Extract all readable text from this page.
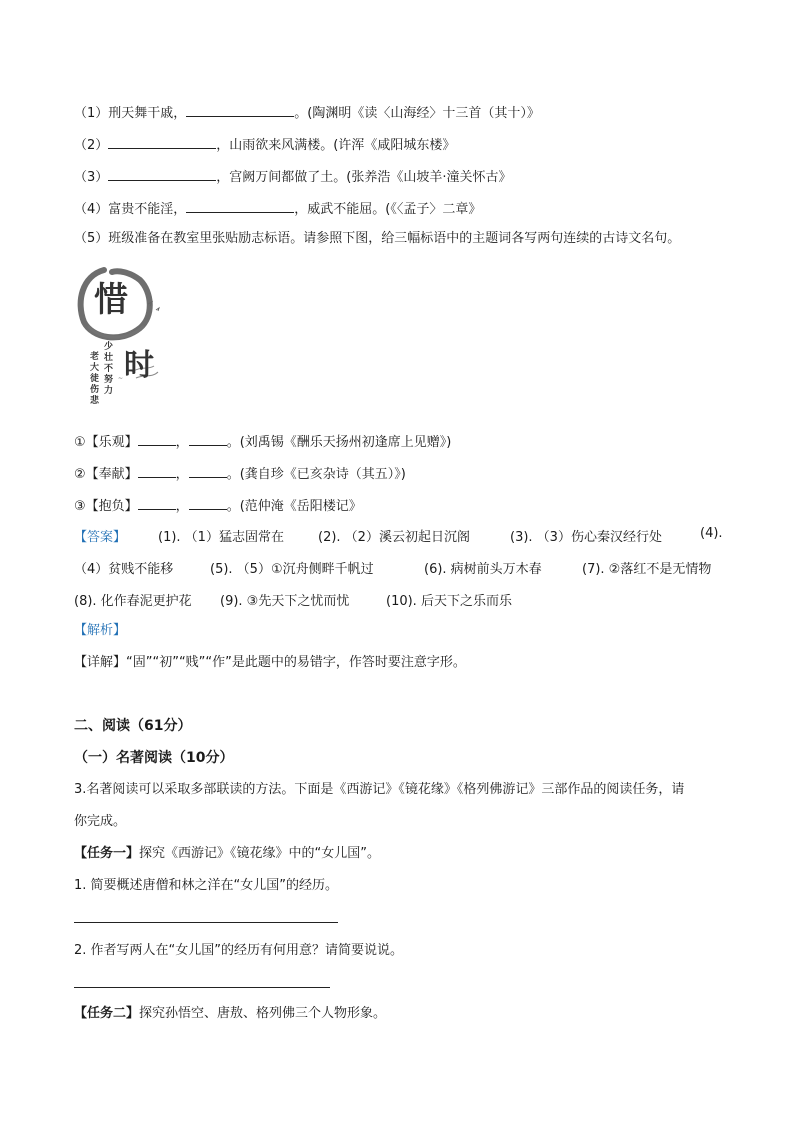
（1）刑天舞干戚，	。(陶渊明《读〈山海经〉十三首（其十）》
（2）	，山雨欲来风满楼。(许浑《咸阳城东楼》
（3）	，宫阙万间都做了土。(张养浩《山坡羊·潼关怀古》
（4）富贵不能淫，	，威武不能屈。(《〈孟子〉二章》
（5）班级准备在教室里张贴励志标语。请参照下图，给三幅标语中的主题词各写两句连续的古诗文名句。
~
惜
时
少壮不努力
老大徒伤悲
①【乐观】	，	。(刘禹锡《酬乐天扬州初逢席上见赠》)
②【奉献】	，	。(龚自珍《已亥杂诗（其五）》)
③【抱负】	，	。(范仲淹《岳阳楼记》
【答案】 (1). （1）猛志固常在	(2). （2）溪云初起日沉阁	(3). （3）伤心秦汉经行处	(4).
（4）贫贱不能移	(5). （5）①沉舟侧畔千帆过	(6). 病树前头万木春	(7). ②落红不是无情物
(8). 化作春泥更护花 (9). ③先天下之忧而忧	(10). 后天下之乐而乐
【解析】
【详解】“固”“初”“贱”“作”是此题中的易错字，作答时要注意字形。
二、阅读（61分）
（一）名著阅读（10分）
3.名著阅读可以采取多部联读的方法。下面是《西游记》《镜花缘》《格列佛游记》三部作品的阅读任务，请
你完成。
【任务一】探究《西游记》《镜花缘》中的“女儿国”。
1. 简要概述唐僧和林之洋在“女儿国”的经历。
2. 作者写两人在“女儿国”的经历有何用意？请简要说说。
【任务二】探究孙悟空、唐敖、格列佛三个人物形象。
